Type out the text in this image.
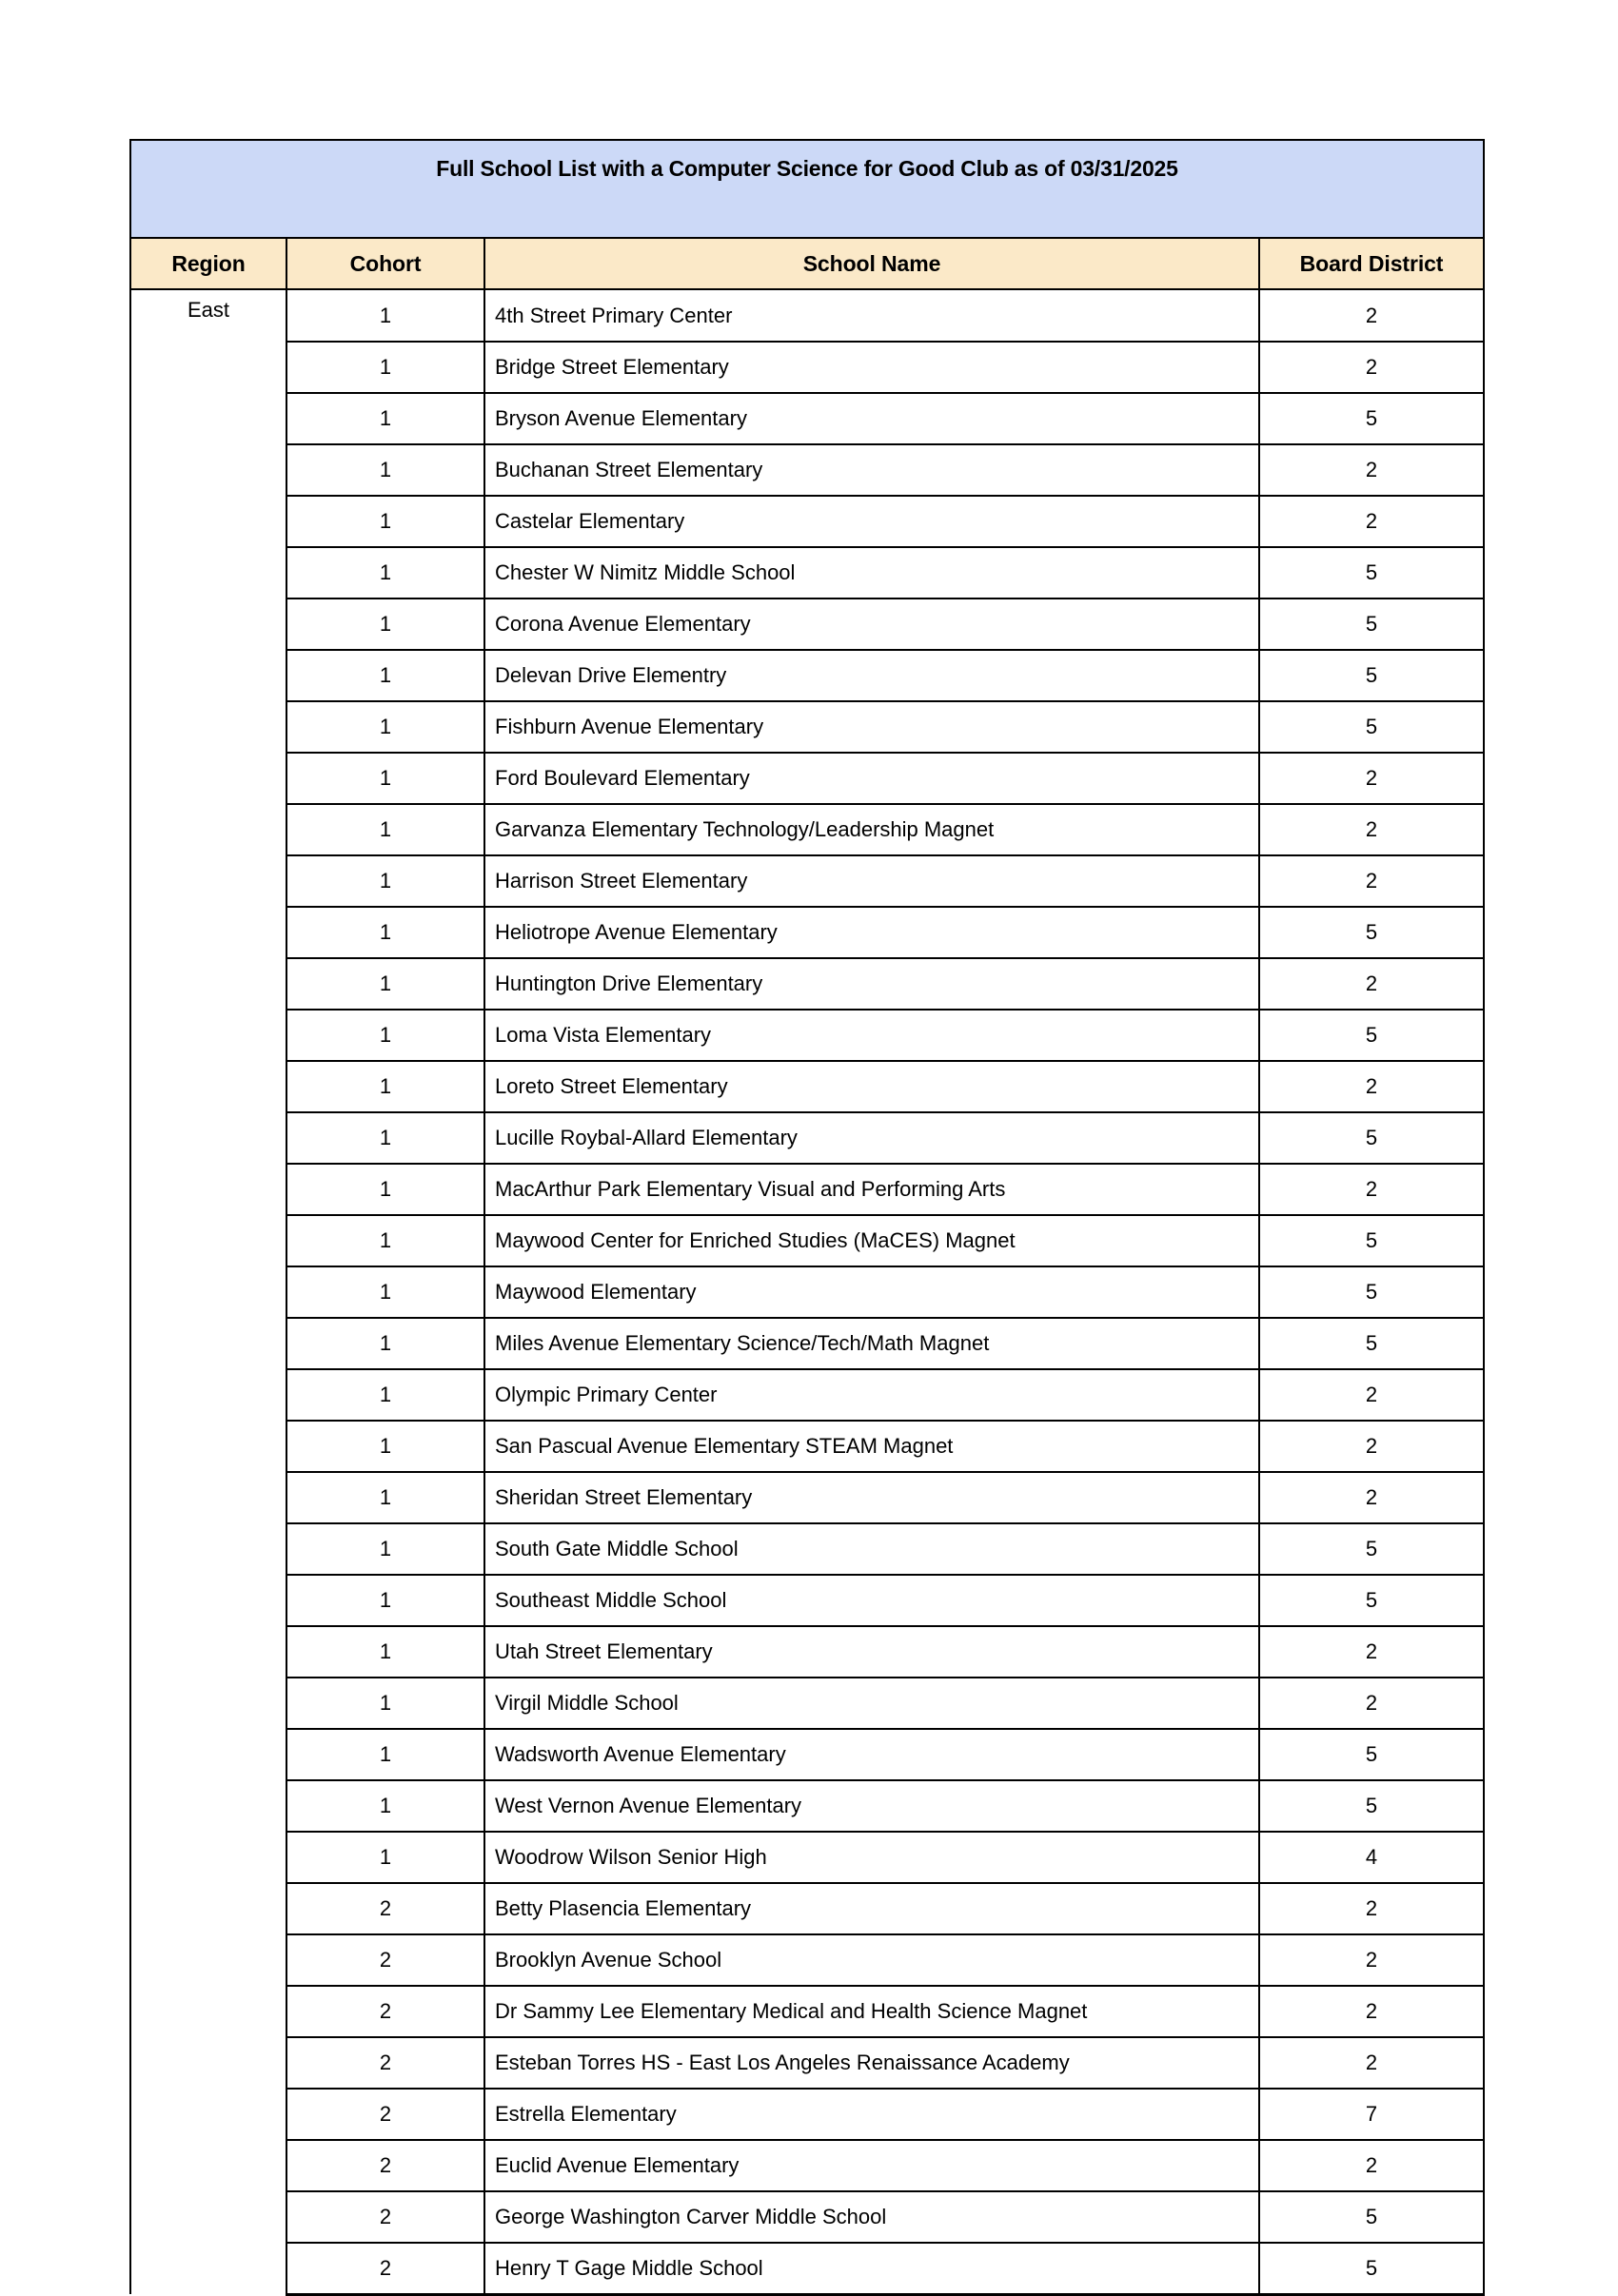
Full School List with a Computer Science for Good Club as of 03/31/2025			
Region	Cohort	School Name	Board District
East	1	4th Street Primary Center	2
	1	Bridge Street Elementary	2
	1	Bryson Avenue Elementary	5
	1	Buchanan Street Elementary	2
	1	Castelar Elementary	2
	1	Chester W Nimitz Middle School	5
	1	Corona Avenue Elementary	5
	1	Delevan Drive Elementry	5
	1	Fishburn Avenue Elementary	5
	1	Ford Boulevard Elementary	2
	1	Garvanza Elementary Technology/Leadership Magnet	2
	1	Harrison Street Elementary	2
	1	Heliotrope Avenue Elementary	5
	1	Huntington Drive Elementary	2
	1	Loma Vista Elementary	5
	1	Loreto Street Elementary	2
	1	Lucille Roybal-Allard Elementary	5
	1	MacArthur Park Elementary Visual and Performing Arts	2
	1	Maywood Center for Enriched Studies (MaCES) Magnet	5
	1	Maywood Elementary	5
	1	Miles Avenue Elementary Science/Tech/Math Magnet	5
	1	Olympic Primary Center	2
	1	San Pascual Avenue Elementary STEAM Magnet	2
	1	Sheridan Street Elementary	2
	1	South Gate Middle School	5
	1	Southeast Middle School	5
	1	Utah Street Elementary	2
	1	Virgil Middle School	2
	1	Wadsworth Avenue Elementary	5
	1	West Vernon Avenue Elementary	5
	1	Woodrow Wilson Senior High	4
	2	Betty Plasencia Elementary	2
	2	Brooklyn Avenue School	2
	2	Dr Sammy Lee Elementary Medical and Health Science Magnet	2
	2	Esteban Torres HS - East Los Angeles Renaissance Academy	2
	2	Estrella Elementary	7
	2	Euclid Avenue Elementary	2
	2	George Washington Carver Middle School	5
	2	Henry T Gage Middle School	5
